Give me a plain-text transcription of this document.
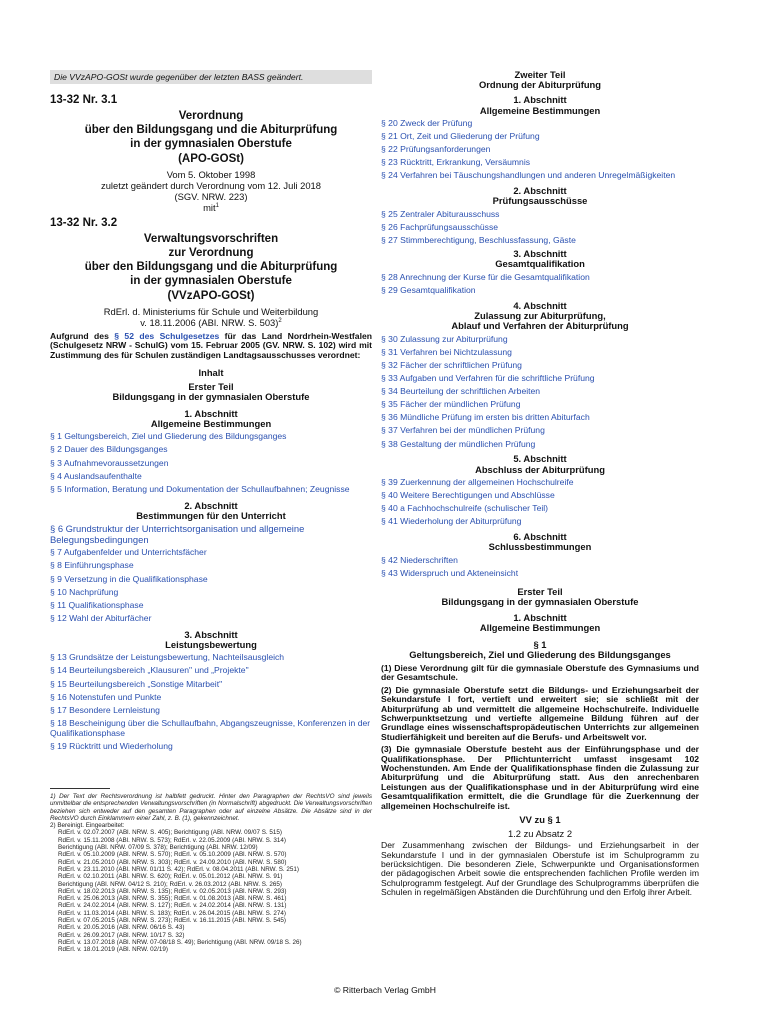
Die VVzAPO-GOSt wurde gegenüber der letzten BASS geändert.
13-32 Nr. 3.1
Verordnung
über den Bildungsgang und die Abiturprüfung
in der gymnasialen Oberstufe
(APO-GOSt)
Vom 5. Oktober 1998
zuletzt geändert durch Verordnung vom 12. Juli 2018
(SGV. NRW. 223)
mit$^1$
13-32 Nr. 3.2
Verwaltungsvorschriften
zur Verordnung
über den Bildungsgang und die Abiturprüfung
in der gymnasialen Oberstufe
(VVzAPO-GOSt)
RdErl. d. Ministeriums für Schule und Weiterbildung
v. 18.11.2006 (ABl. NRW. S. 503)$^2$
Aufgrund des § 52 des Schulgesetzes für das Land Nordrhein-Westfalen (Schulgesetz NRW - SchulG) vom 15. Februar 2005 (GV. NRW. S. 102) wird mit Zustimmung des für Schulen zuständigen Landtagsausschusses verordnet:
Inhalt
Erster Teil
Bildungsgang in der gymnasialen Oberstufe
1. Abschnitt
Allgemeine Bestimmungen
§ 1 Geltungsbereich, Ziel und Gliederung des Bildungsganges
§ 2 Dauer des Bildungsganges
§ 3 Aufnahmevoraussetzungen
§ 4 Auslandsaufenthalte
§ 5 Information, Beratung und Dokumentation der Schullaufbahnen; Zeugnisse
2. Abschnitt
Bestimmungen für den Unterricht
§ 6 Grundstruktur der Unterrichtsorganisation und allgemeine Belegungsbedingungen
§ 7 Aufgabenfelder und Unterrichtsfächer
§ 8 Einführungsphase
§ 9 Versetzung in die Qualifikationsphase
§ 10 Nachprüfung
§ 11 Qualifikationsphase
§ 12 Wahl der Abiturfächer
3. Abschnitt
Leistungsbewertung
§ 13 Grundsätze der Leistungsbewertung, Nachteilsausgleich
§ 14 Beurteilungsbereich „Klausuren" und „Projekte"
§ 15 Beurteilungsbereich „Sonstige Mitarbeit"
§ 16 Notenstufen und Punkte
§ 17 Besondere Lernleistung
§ 18 Bescheinigung über die Schullaufbahn, Abgangszeugnisse, Konferenzen in der Qualifikationsphase
§ 19 Rücktritt und Wiederholung
1) Der Text der Rechtsverordnung ist halbfett gedruckt. Hinter den Paragraphen der RechtsVO sind jeweils unmittelbar die entsprechenden Verwaltungsvorschriften (in Normalschrift) abgedruckt. Die Verwaltungsvorschriften beziehen sich entweder auf den gesamten Paragraphen oder auf einzelne Absätze. Die Absätze sind in der RechtsVO durch Einklammern einer Zahl, z. B. (1), gekennzeichnet.
2) Bereinigt. Eingearbeitet:
RdErl. v. 02.07.2007 (ABl. NRW. S. 405); Berichtigung (ABl. NRW. 09/07 S. 515)
RdErl. v. 15.11.2008 (ABl. NRW. S. 573); RdErl. v. 22.05.2009 (ABl. NRW. S. 314)
Berichtigung (ABl. NRW. 07/09 S. 378); Berichtigung (ABl. NRW. 12/09)
RdErl. v. 05.10.2009 (ABl. NRW. S. 570); RdErl. v. 05.10.2009 (ABl. NRW. S. 570)
RdErl. v. 21.05.2010 (ABl. NRW. S. 303); RdErl. v. 24.09.2010 (ABl. NRW. S. 580)
RdErl. v. 23.11.2010 (ABl. NRW. 01/11 S. 42); RdErl. v. 08.04.2011 (ABl. NRW. S. 251)
RdErl. v. 02.10.2011 (ABl. NRW. S. 620); RdErl. v. 05.01.2012 (ABl. NRW. S. 91)
Berichtigung (ABl. NRW. 04/12 S. 210); RdErl. v. 26.03.2012 (ABl. NRW. S. 265)
RdErl. v. 18.02.2013 (ABl. NRW. S. 135); RdErl. v. 02.05.2013 (ABl. NRW. S. 293)
RdErl. v. 25.06.2013 (ABl. NRW. S. 355); RdErl. v. 01.08.2013 (ABl. NRW. S. 461)
RdErl. v. 24.02.2014 (ABl. NRW. S. 127); RdErl. v. 24.02.2014 (ABl. NRW. S. 131)
RdErl. v. 11.03.2014 (ABl. NRW. S. 183); RdErl. v. 26.04.2015 (ABl. NRW. S. 274)
RdErl. v. 07.05.2015 (ABl. NRW. S. 273); RdErl. v. 16.11.2015 (ABl. NRW. S. 545)
RdErl. v. 20.05.2016 (ABl. NRW. 06/16 S. 43)
RdErl. v. 26.09.2017 (ABl. NRW. 10/17 S. 32)
RdErl. v. 13.07.2018 (ABl. NRW. 07-08/18 S. 49); Berichtigung (ABl. NRW. 09/18 S. 26)
RdErl. v. 18.01.2019 (ABl. NRW. 02/19)
Zweiter Teil
Ordnung der Abiturprüfung
1. Abschnitt
Allgemeine Bestimmungen
§ 20 Zweck der Prüfung
§ 21 Ort, Zeit und Gliederung der Prüfung
§ 22 Prüfungsanforderungen
§ 23 Rücktritt, Erkrankung, Versäumnis
§ 24 Verfahren bei Täuschungshandlungen und anderen Unregelmäßigkeiten
2. Abschnitt
Prüfungsausschüsse
§ 25 Zentraler Abiturausschuss
§ 26 Fachprüfungsausschüsse
§ 27 Stimmberechtigung, Beschlussfassung, Gäste
3. Abschnitt
Gesamtqualifikation
§ 28 Anrechnung der Kurse für die Gesamtqualifikation
§ 29 Gesamtqualifikation
4. Abschnitt
Zulassung zur Abiturprüfung,
Ablauf und Verfahren der Abiturprüfung
§ 30 Zulassung zur Abiturprüfung
§ 31 Verfahren bei Nichtzulassung
§ 32 Fächer der schriftlichen Prüfung
§ 33 Aufgaben und Verfahren für die schriftliche Prüfung
§ 34 Beurteilung der schriftlichen Arbeiten
§ 35 Fächer der mündlichen Prüfung
§ 36 Mündliche Prüfung im ersten bis dritten Abiturfach
§ 37 Verfahren bei der mündlichen Prüfung
§ 38 Gestaltung der mündlichen Prüfung
5. Abschnitt
Abschluss der Abiturprüfung
§ 39 Zuerkennung der allgemeinen Hochschulreife
§ 40 Weitere Berechtigungen und Abschlüsse
§ 40 a Fachhochschulreife (schulischer Teil)
§ 41 Wiederholung der Abiturprüfung
6. Abschnitt
Schlussbestimmungen
§ 42 Niederschriften
§ 43 Widerspruch und Akteneinsicht
Erster Teil
Bildungsgang in der gymnasialen Oberstufe
1. Abschnitt
Allgemeine Bestimmungen
§ 1
Geltungsbereich, Ziel und Gliederung des Bildungsganges
(1) Diese Verordnung gilt für die gymnasiale Oberstufe des Gymnasiums und der Gesamtschule.
(2) Die gymnasiale Oberstufe setzt die Bildungs- und Erziehungsarbeit der Sekundarstufe I fort, vertieft und erweitert sie; sie schließt mit der Abiturprüfung ab und vermittelt die allgemeine Hochschulreife. Individuelle Schwerpunktsetzung und vertiefte allgemeine Bildung führen auf der Grundlage eines wissenschaftspropädeutischen Unterrichts zur allgemeinen Studierfähigkeit und bereiten auf die Berufs- und Arbeitswelt vor.
(3) Die gymnasiale Oberstufe besteht aus der Einführungsphase und der Qualifikationsphase. Der Pflichtunterricht umfasst insgesamt 102 Wochenstunden. Am Ende der Qualifikationsphase finden die Zulassung zur Abiturprüfung und die Abiturprüfung statt. Aus den anrechenbaren Leistungen aus der Qualifikationsphase und in der Abiturprüfung wird eine Gesamtqualifikation ermittelt, die die Grundlage für die Zuerkennung der allgemeinen Hochschulreife ist.
VV zu § 1
1.2 zu Absatz 2
Der Zusammenhang zwischen der Bildungs- und Erziehungsarbeit in der Sekundarstufe I und in der gymnasialen Oberstufe ist im Schulprogramm zu berücksichtigen. Die besonderen Ziele, Schwerpunkte und Organisationsformen der pädagogischen Arbeit sowie die entsprechenden fachlichen Profile werden im Schulprogramm festgelegt. Auf der Grundlage des Schulprogramms überprüfen die Schulen in regelmäßigen Abständen die Durchführung und den Erfolg ihrer Arbeit.
© Ritterbach Verlag GmbH
